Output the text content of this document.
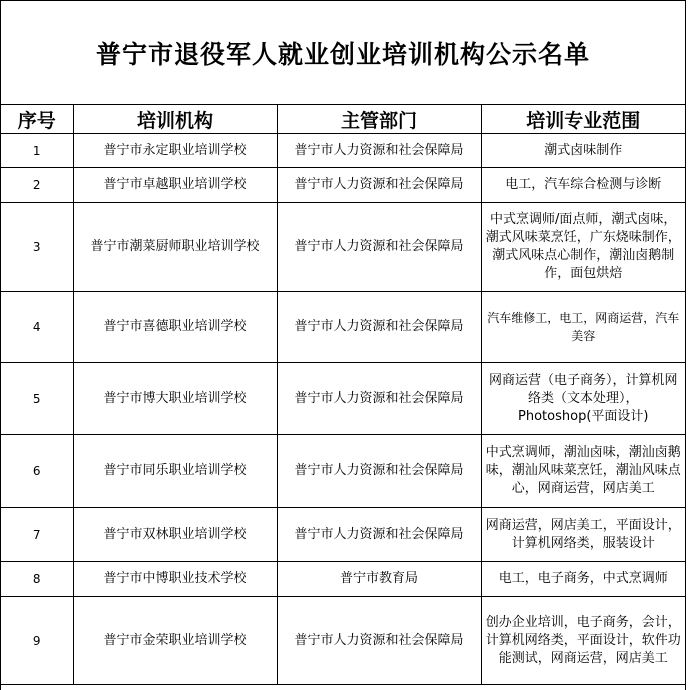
普宁市退役军人就业创业培训机构公示名单
序号	培训机构	主管部门	培训专业范围
1	普宁市永定职业培训学校	普宁市人力资源和社会保障局	潮式卤味制作
2	普宁市卓越职业培训学校	普宁市人力资源和社会保障局	电工，汽车综合检测与诊断
3	普宁市潮菜厨师职业培训学校	普宁市人力资源和社会保障局	中式烹调师/面点师，潮式卤味，潮式风味菜烹饪，广东烧味制作，潮式风味点心制作，潮汕卤鹅制作，面包烘焙
4	普宁市喜德职业培训学校	普宁市人力资源和社会保障局	汽车维修工，电工，网商运营，汽车美容
5	普宁市博大职业培训学校	普宁市人力资源和社会保障局	网商运营（电子商务），计算机网络类（文本处理），Photoshop(平面设计)
6	普宁市同乐职业培训学校	普宁市人力资源和社会保障局	中式烹调师，潮汕卤味，潮汕卤鹅味，潮汕风味菜烹饪，潮汕风味点心，网商运营，网店美工
7	普宁市双林职业培训学校	普宁市人力资源和社会保障局	网商运营，网店美工，平面设计，计算机网络类，服装设计
8	普宁市中博职业技术学校	普宁市教育局	电工，电子商务，中式烹调师
9	普宁市金荣职业培训学校	普宁市人力资源和社会保障局	创办企业培训，电子商务，会计，计算机网络类，平面设计，软件功能测试，网商运营，网店美工
